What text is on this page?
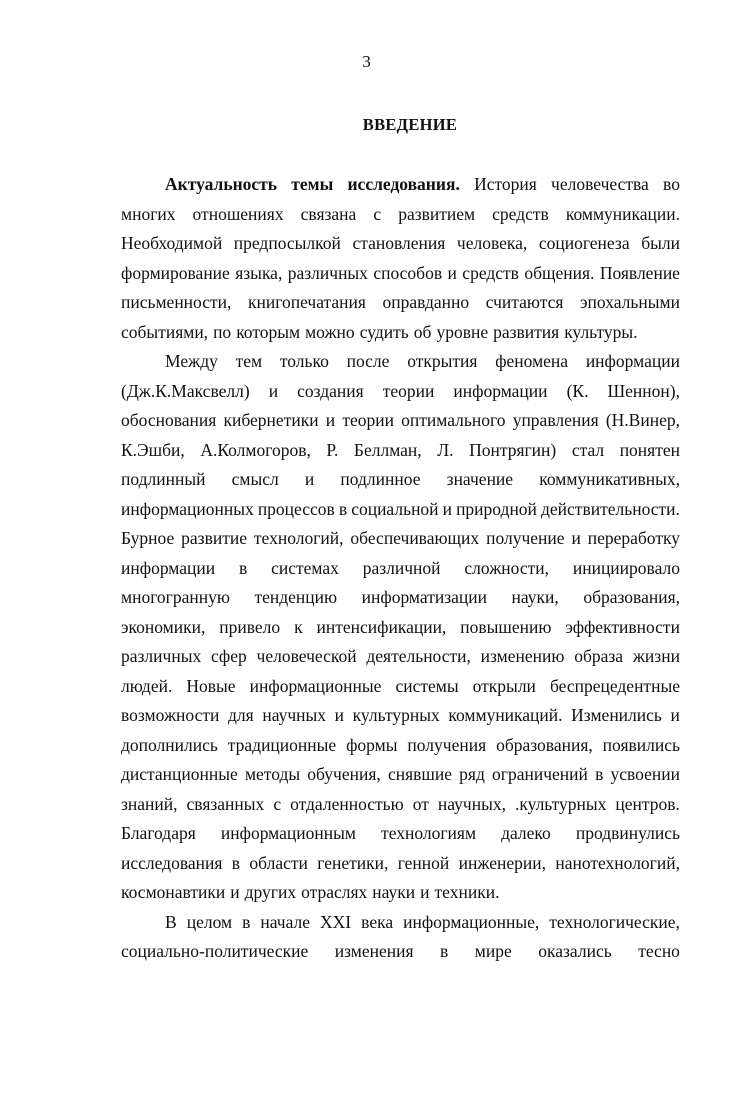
3
ВВЕДЕНИЕ
Актуальность темы исследования. История человечества во
многих отношениях связана с развитием средств коммуникации.
Необходимой предпосылкой становления человека, социогенеза были
формирование языка, различных способов и средств общения. Появление
письменности, книгопечатания оправданно считаются эпохальными
событиями, по которым можно судить об уровне развития культуры.
Между тем только после открытия феномена информации
(Дж.К.Максвелл) и создания теории информации (К. Шеннон),
обоснования кибернетики и теории оптимального управления (Н.Винер,
К.Эшби, А.Колмогоров, Р. Беллман, Л. Понтрягин) стал понятен
подлинный смысл и подлинное значение коммуникативных,
информационных процессов в социальной и природной действительности.
Бурное развитие технологий, обеспечивающих получение и переработку
информации в системах различной сложности, инициировало
многогранную тенденцию информатизации науки, образования,
экономики, привело к интенсификации, повышению эффективности
различных сфер человеческой деятельности, изменению образа жизни
людей. Новые информационные системы открыли беспрецедентные
возможности для научных и культурных коммуникаций. Изменились и
дополнились традиционные формы получения образования, появились
дистанционные методы обучения, снявшие ряд ограничений в усвоении
знаний, связанных с отдаленностью от научных, .культурных центров.
Благодаря информационным технологиям далеко продвинулись
исследования в области генетики, генной инженерии, нанотехнологий,
космонавтики и других отраслях науки и техники.
В целом в начале XXI века информационные, технологические,
социально-политические изменения в мире оказались тесно
